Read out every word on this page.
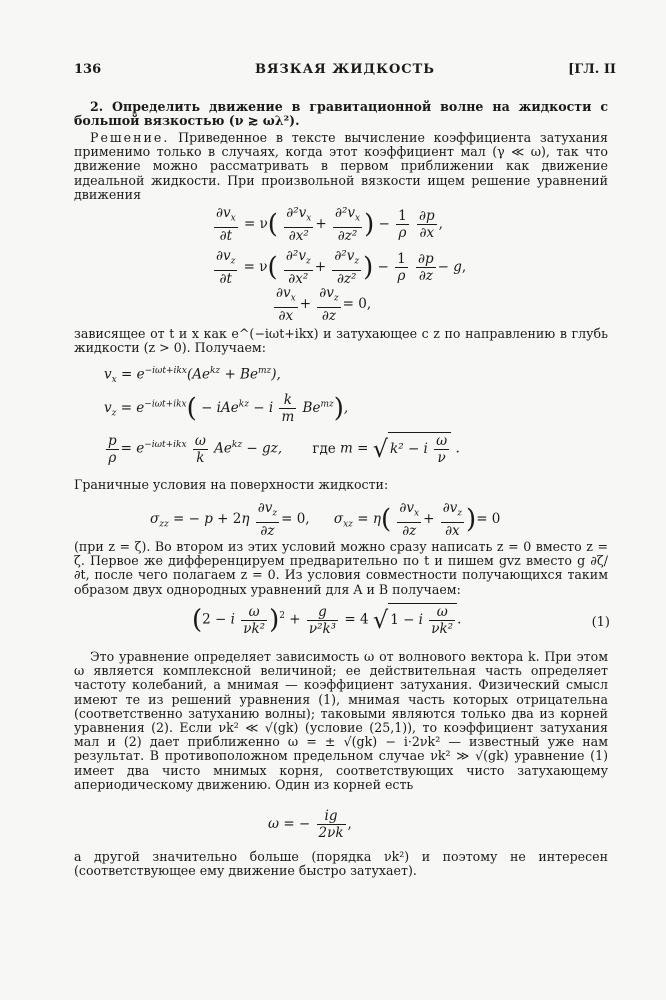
136	ВЯЗКАЯ ЖИДКОСТЬ	[ГЛ. II
2. Определить движение в гравитационной волне на жидкости с большой вязкостью (ν ≳ ωλ²).
Решение. Приведенное в тексте вычисление коэффициента затухания применимо только в случаях, когда этот коэффициент мал (γ ≪ ω), так что движение можно рассматривать в первом приближении как движение идеальной жидкости. При произвольной вязкости ищем решение уравнений движения
$\frac{\partial v_x}{\partial t} = \nu( \frac{\partial^2v_x}{\text{∂x²}} + \frac{\partial^2v_x}{\text{∂z²}}$ ) − $\frac{1}{\rho}$
$\frac{\partial p}{\partial x}$ ,
$\frac{\partial v_z}{\partial t} = \nu( \frac{\partial^2v_z}{\text{∂x²}} + \frac{\partial^2v_z}{\text{∂z²}}$ ) − $\frac{1}{\rho}$
$\frac{\partial p}{\partial z} - g$,
$\frac{\partial v_x}{\partial x} + \frac{\partial v_z}{\partial z} = 0$,
зависящее от t и x как e^(−iωt+ikx) и затухающее с z по направлению в глубь жидкости (z > 0). Получаем:
$v_x = e^{-i\omega t+ikx}(Ae^{kz} + Be^{mz})$,
$v_z = e^{-i\omega t+ikx}( - iAe^{kz} - i \frac{k}{m} Be^{mz})$,
$\frac{p}{\rho} = e^{-i\omega t+ikx} \frac{\omega}{k} Ae^{kz}$ − gz, где m = √ k² − i $\frac{\omega}{\nu}$ .
Граничные условия на поверхности жидкости:
$\sigma_{zz}$ = − $p + 2\eta \frac{\partial v_z}{\partial z} = 0$, $\sigma_{xz} = \eta( \frac{\partial v_x}{\partial z} + \frac{\partial v_z}{\partial x}$ )= 0
(при z = ζ). Во втором из этих условий можно сразу написать z = 0 вместо z = ζ. Первое же дифференцируем предварительно по t и пишем gvz вместо g ∂ζ/∂t, после чего полагаем z = 0. Из условия совместности получающихся таким образом двух однородных уравнений для A и B получаем:
(2 − i $\frac{\omega}{\text{νk²}} )^2 + \frac{g}{\text{ν²k³}} = 4$ √ 1 − i $\frac{\omega}{\text{νk²}}$ .	(1)
Это уравнение определяет зависимость ω от волнового вектора k. При этом ω является комплексной величиной; ее действительная часть определяет частоту колебаний, а мнимая — коэффициент затухания. Физический смысл имеют те из решений уравнения (1), мнимая часть которых отрицательна (соответственно затуханию волны); таковыми являются только два из корней уравнения (2). Если νk² ≪ √(gk) (условие (25,1)), то коэффициент затухания мал и (2) дает приближенно ω = ± √(gk) − i·2νk² — известный уже нам результат. В противоположном предельном случае νk² ≫ √(gk) уравнение (1) имеет два чисто мнимых корня, соответствующих чисто затухающему апериодическому движению. Один из корней есть
ω = − $\frac{ig}{2\nu k}$ ,
а другой значительно больше (порядка νk²) и поэтому не интересен (соответствующее ему движение быстро затухает).
